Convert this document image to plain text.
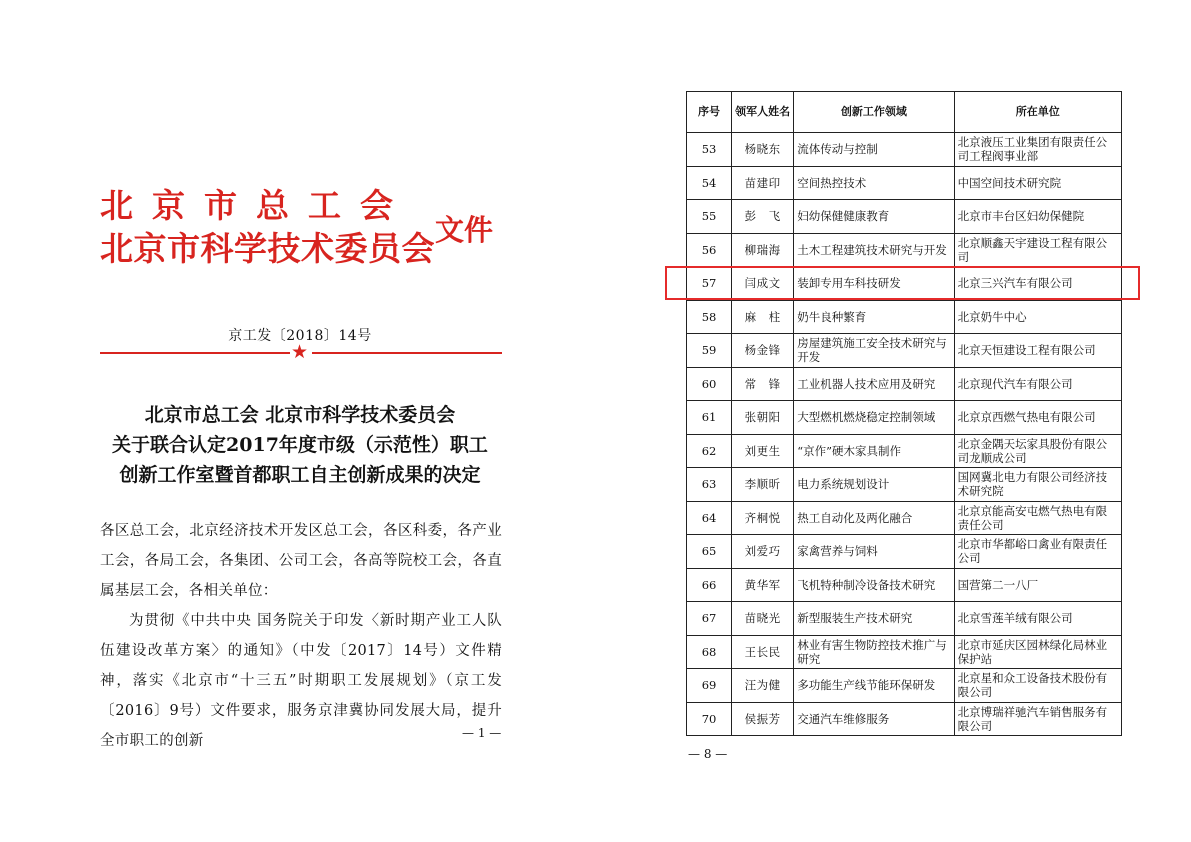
北京市总工会
北京市科学技术委员会 文件
京工发〔2018〕14号
★
北京市总工会 北京市科学技术委员会
关于联合认定2017年度市级（示范性）职工
创新工作室暨首都职工自主创新成果的决定

各区总工会，北京经济技术开发区总工会，各区科委，各产业工会，各局工会，各集团、公司工会，各高等院校工会，各直属基层工会，各相关单位：

为贯彻《中共中央 国务院关于印发〈新时期产业工人队伍建设改革方案〉的通知》（中发〔2017〕14号）文件精神，落实《北京市“十三五”时期职工发展规划》（京工发〔2016〕9号）文件要求，服务京津冀协同发展大局，提升全市职工的创新	— 1 —
序号	领军人姓名	创新工作领域	所在单位
53	杨晓东	流体传动与控制	北京液压工业集团有限责任公司工程阀事业部
54	苗建印	空间热控技术	中国空间技术研究院
55	彭　飞	妇幼保健健康教育	北京市丰台区妇幼保健院
56	柳瑞海	土木工程建筑技术研究与开发	北京顺鑫天宇建设工程有限公司
57	闫成文	装卸专用车科技研发	北京三兴汽车有限公司
58	麻　柱	奶牛良种繁育	北京奶牛中心
59	杨金锋	房屋建筑施工安全技术研究与开发	北京天恒建设工程有限公司
60	常　锋	工业机器人技术应用及研究	北京现代汽车有限公司
61	张朝阳	大型燃机燃烧稳定控制领域	北京京西燃气热电有限公司
62	刘更生	“京作”硬木家具制作	北京金隅天坛家具股份有限公司龙顺成公司
63	李顺昕	电力系统规划设计	国网冀北电力有限公司经济技术研究院
64	齐桐悦	热工自动化及两化融合	北京京能高安屯燃气热电有限责任公司
65	刘爱巧	家禽营养与饲料	北京市华都峪口禽业有限责任公司
66	黄华军	飞机特种制冷设备技术研究	国营第二一八厂
67	苗晓光	新型服装生产技术研究	北京雪莲羊绒有限公司
68	王长民	林业有害生物防控技术推广与研究	北京市延庆区园林绿化局林业保护站
69	汪为健	多功能生产线节能环保研发	北京星和众工设备技术股份有限公司
70	侯振芳	交通汽车维修服务	北京博瑞祥驰汽车销售服务有限公司
— 8 —
